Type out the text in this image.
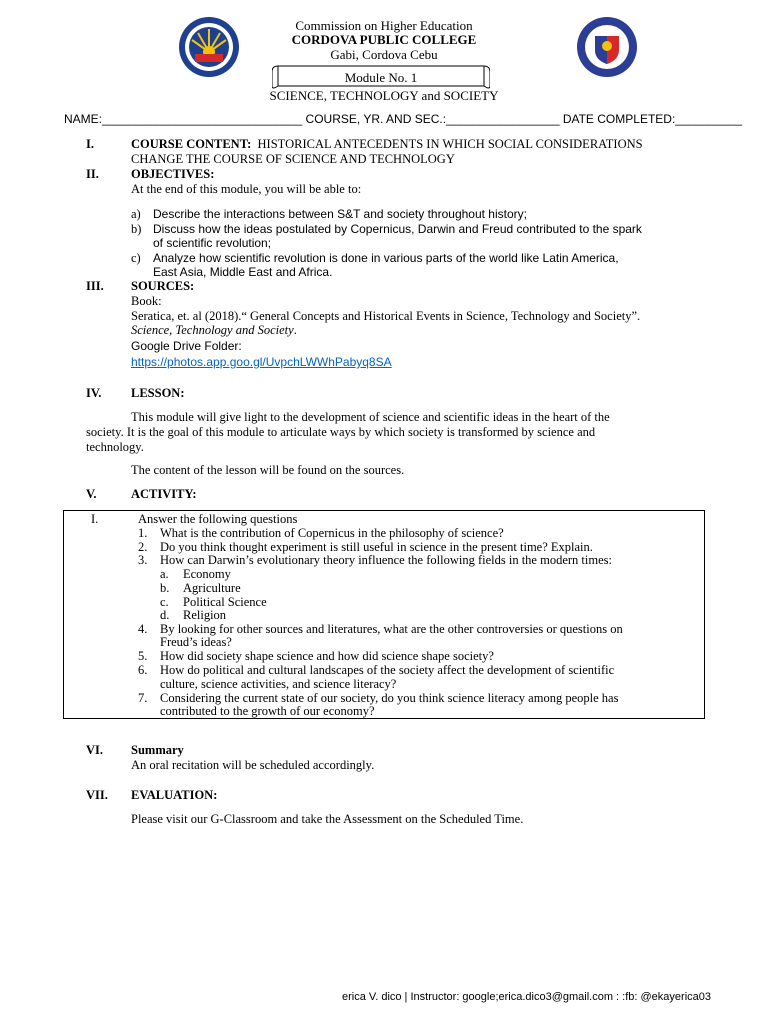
Commission on Higher Education
CORDOVA PUBLIC COLLEGE
Gabi, Cordova Cebu
Module No. 1
SCIENCE, TECHNOLOGY and SOCIETY
NAME:______________________________ COURSE, YR. AND SEC.:_________________ DATE COMPLETED:__________
I.	COURSE CONTENT: HISTORICAL ANTECEDENTS IN WHICH SOCIAL CONSIDERATIONS
CHANGE THE COURSE OF SCIENCE AND TECHNOLOGY
II.	OBJECTIVES:
At the end of this module, you will be able to:
a) Describe the interactions between S&T and society throughout history;
b) Discuss how the ideas postulated by Copernicus, Darwin and Freud contributed to the spark
of scientific revolution;
c) Analyze how scientific revolution is done in various parts of the world like Latin America,
East Asia, Middle East and Africa.
III. SOURCES:
Book:
Seratica, et. al (2018).“ General Concepts and Historical Events in Science, Technology and Society”.
Science, Technology and Society.
Google Drive Folder:
https://photos.app.goo.gl/UvpchLWWhPabyq8SA
IV. LESSON:
This module will give light to the development of science and scientific ideas in the heart of the
society. It is the goal of this module to articulate ways by which society is transformed by science and
technology.
The content of the lesson will be found on the sources.
V.	ACTIVITY:
I.	Answer the following questions
1. What is the contribution of Copernicus in the philosophy of science?
2. Do you think thought experiment is still useful in science in the present time? Explain.
3. How can Darwin’s evolutionary theory influence the following fields in the modern times:
a. Economy
b. Agriculture
c. Political Science
d. Religion
4. By looking for other sources and literatures, what are the other controversies or questions on
Freud’s ideas?
5. How did society shape science and how did science shape society?
6. How do political and cultural landscapes of the society affect the development of scientific
culture, science activities, and science literacy?
7. Considering the current state of our society, do you think science literacy among people has
contributed to the growth of our economy?
VI. Summary
An oral recitation will be scheduled accordingly.
VII. EVALUATION:
Please visit our G-Classroom and take the Assessment on the Scheduled Time.
erica V. dico | Instructor: google;erica.dico3@gmail.com : :fb: @ekayerica03
